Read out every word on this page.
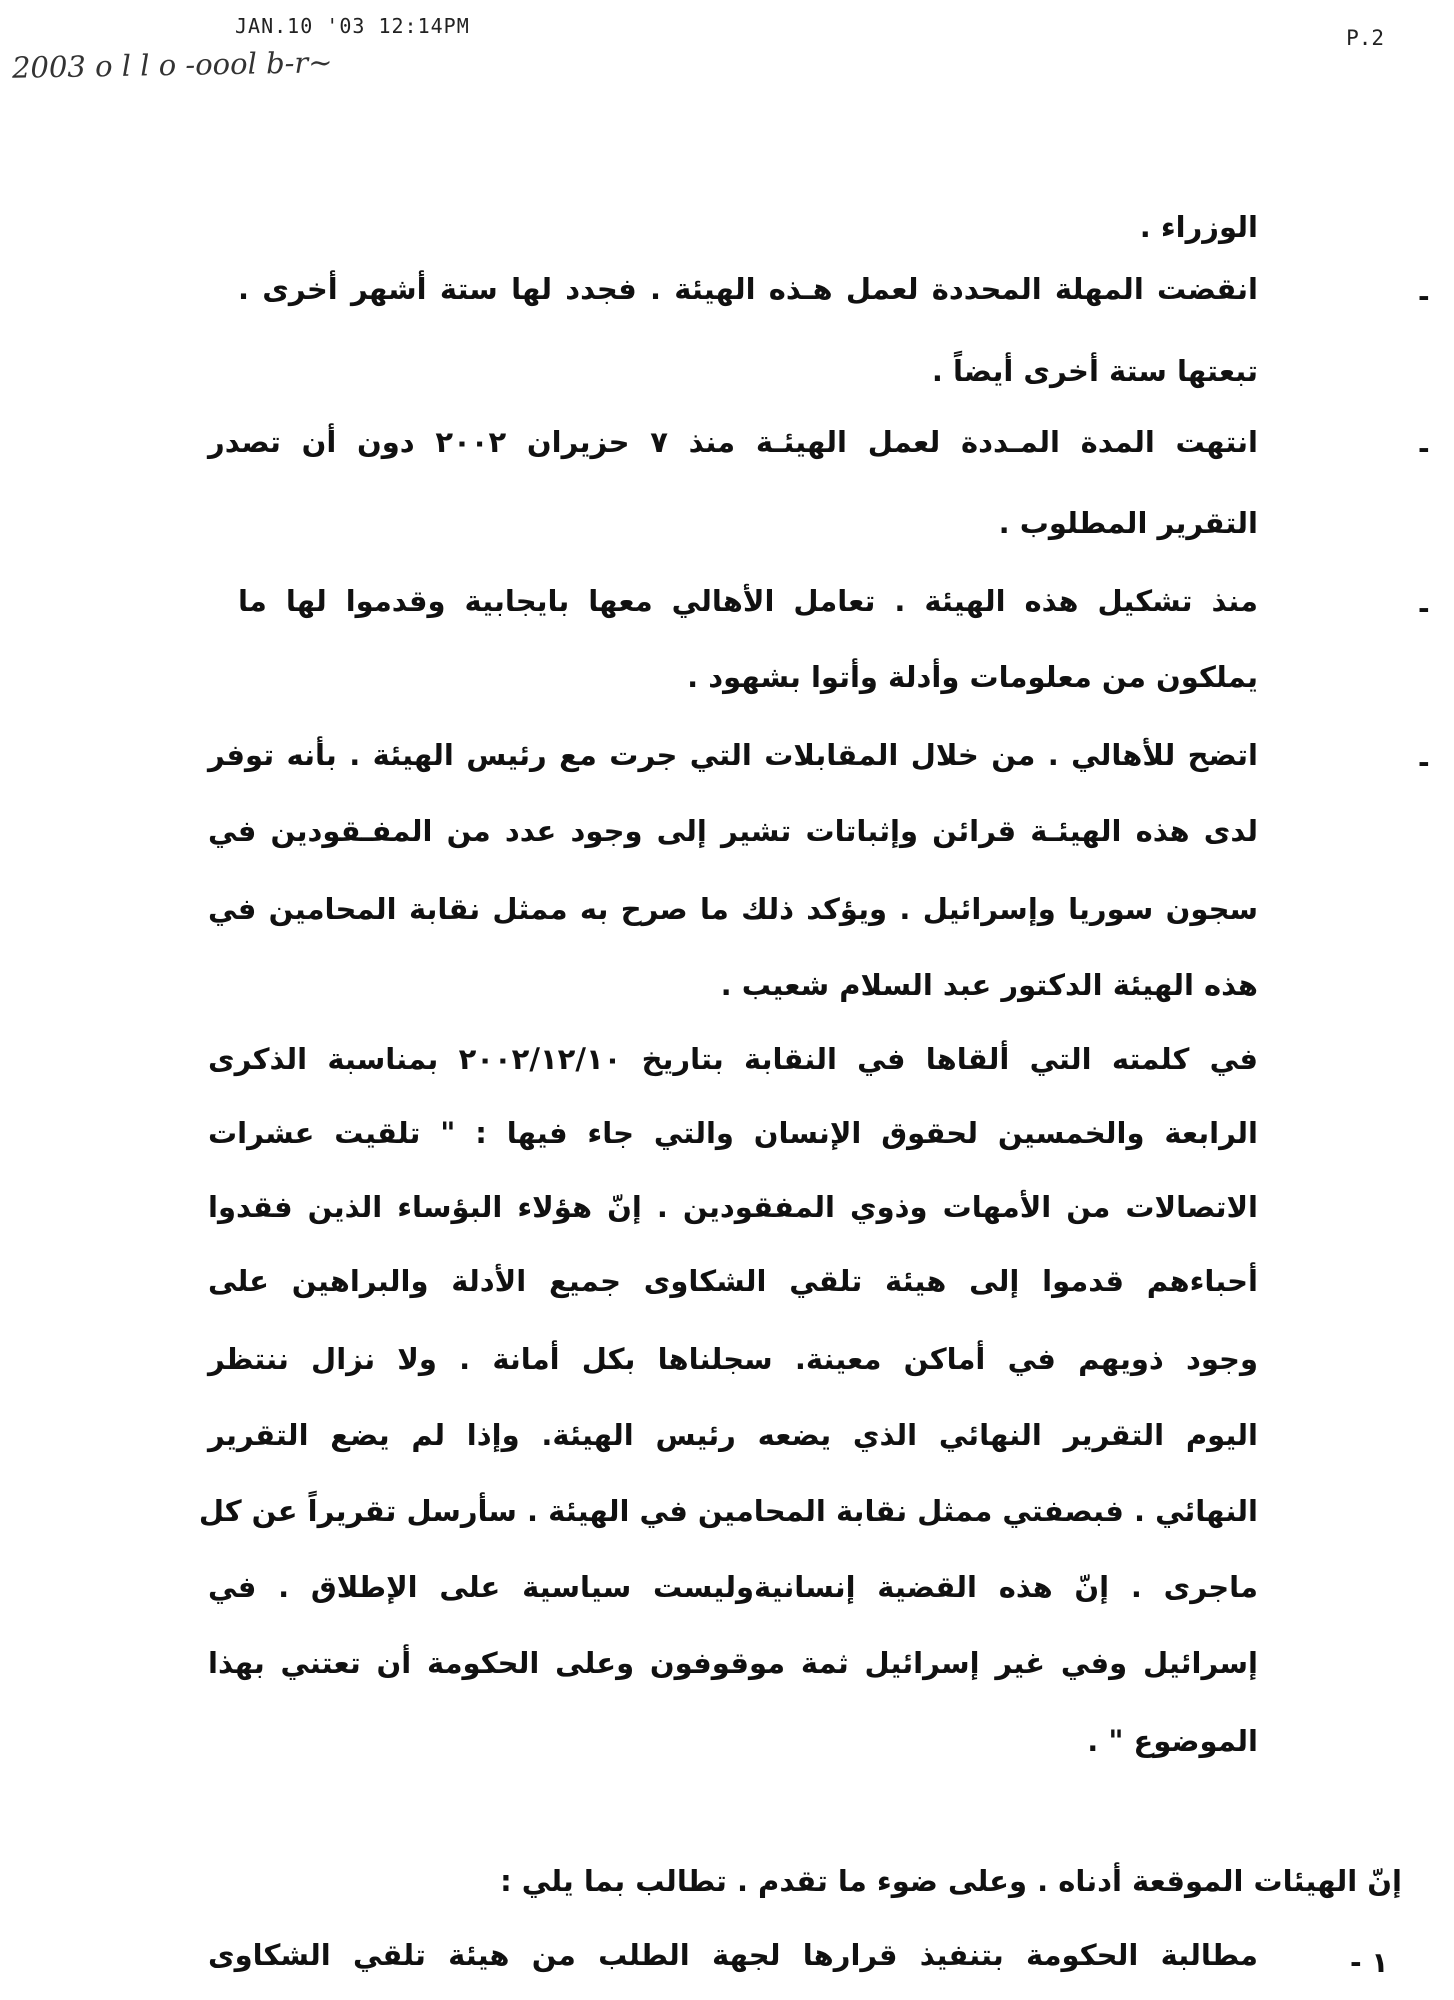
JAN.10 '03 12:14PM	P.2
2003 o l l o -oool b-r~
الوزراء .
-
انقضت المهلة المحددة لعمل هـذه الهيئة . فجدد لها ستة أشهر أخرى .
تبعتها ستة أخرى أيضاً .
-
انتهت المدة المـددة لعمل الهيئـة منذ ٧ حزيران ٢٠٠٢ دون أن تصدر
التقرير المطلوب .
-
منذ تشكيل هذه الهيئة . تعامل الأهالي معها بايجابية وقدموا لها ما
يملكون من معلومات وأدلة وأتوا بشهود .
-
اتضح للأهالي . من خلال المقابلات التي جرت مع رئيس الهيئة . بأنه توفر
لدى هذه الهيئـة قرائن وإثباتات تشير إلى وجود عدد من المفـقودين في
سجون سوريا وإسرائيل . ويؤكد ذلك ما صرح به ممثل نقابة المحامين في
هذه الهيئة الدكتور عبد السلام شعيب .
في كلمته التي ألقاها في النقابة بتاريخ ٢٠٠٢/١٢/١٠ بمناسبة الذكرى
الرابعة والخمسين لحقوق الإنسان والتي جاء فيها : " تلقيت عشرات
الاتصالات من الأمهات وذوي المفقودين . إنّ هؤلاء البؤساء الذين فقدوا
أحباءهم قدموا إلى هيئة تلقي الشكاوى جميع الأدلة والبراهين على
وجود ذويهم في أماكن معينة. سجلناها بكل أمانة . ولا نزال ننتظر
اليوم التقرير النهائي الذي يضعه رئيس الهيئة. وإذا لم يضع التقرير
النهائي . فبصفتي ممثل نقابة المحامين في الهيئة . سأرسل تقريراً عن كل
ماجرى . إنّ هذه القضية إنسانيةوليست سياسية على الإطلاق . في
إسرائيل وفي غير إسرائيل ثمة موقوفون وعلى الحكومة أن تعتني بهذا
الموضوع " .
إنّ الهيئات الموقعة أدناه . وعلى ضوء ما تقدم . تطالب بما يلي :
١ -
مطالبة الحكومة بتنفيذ قرارها لجهة الطلب من هيئة تلقي الشكاوى
